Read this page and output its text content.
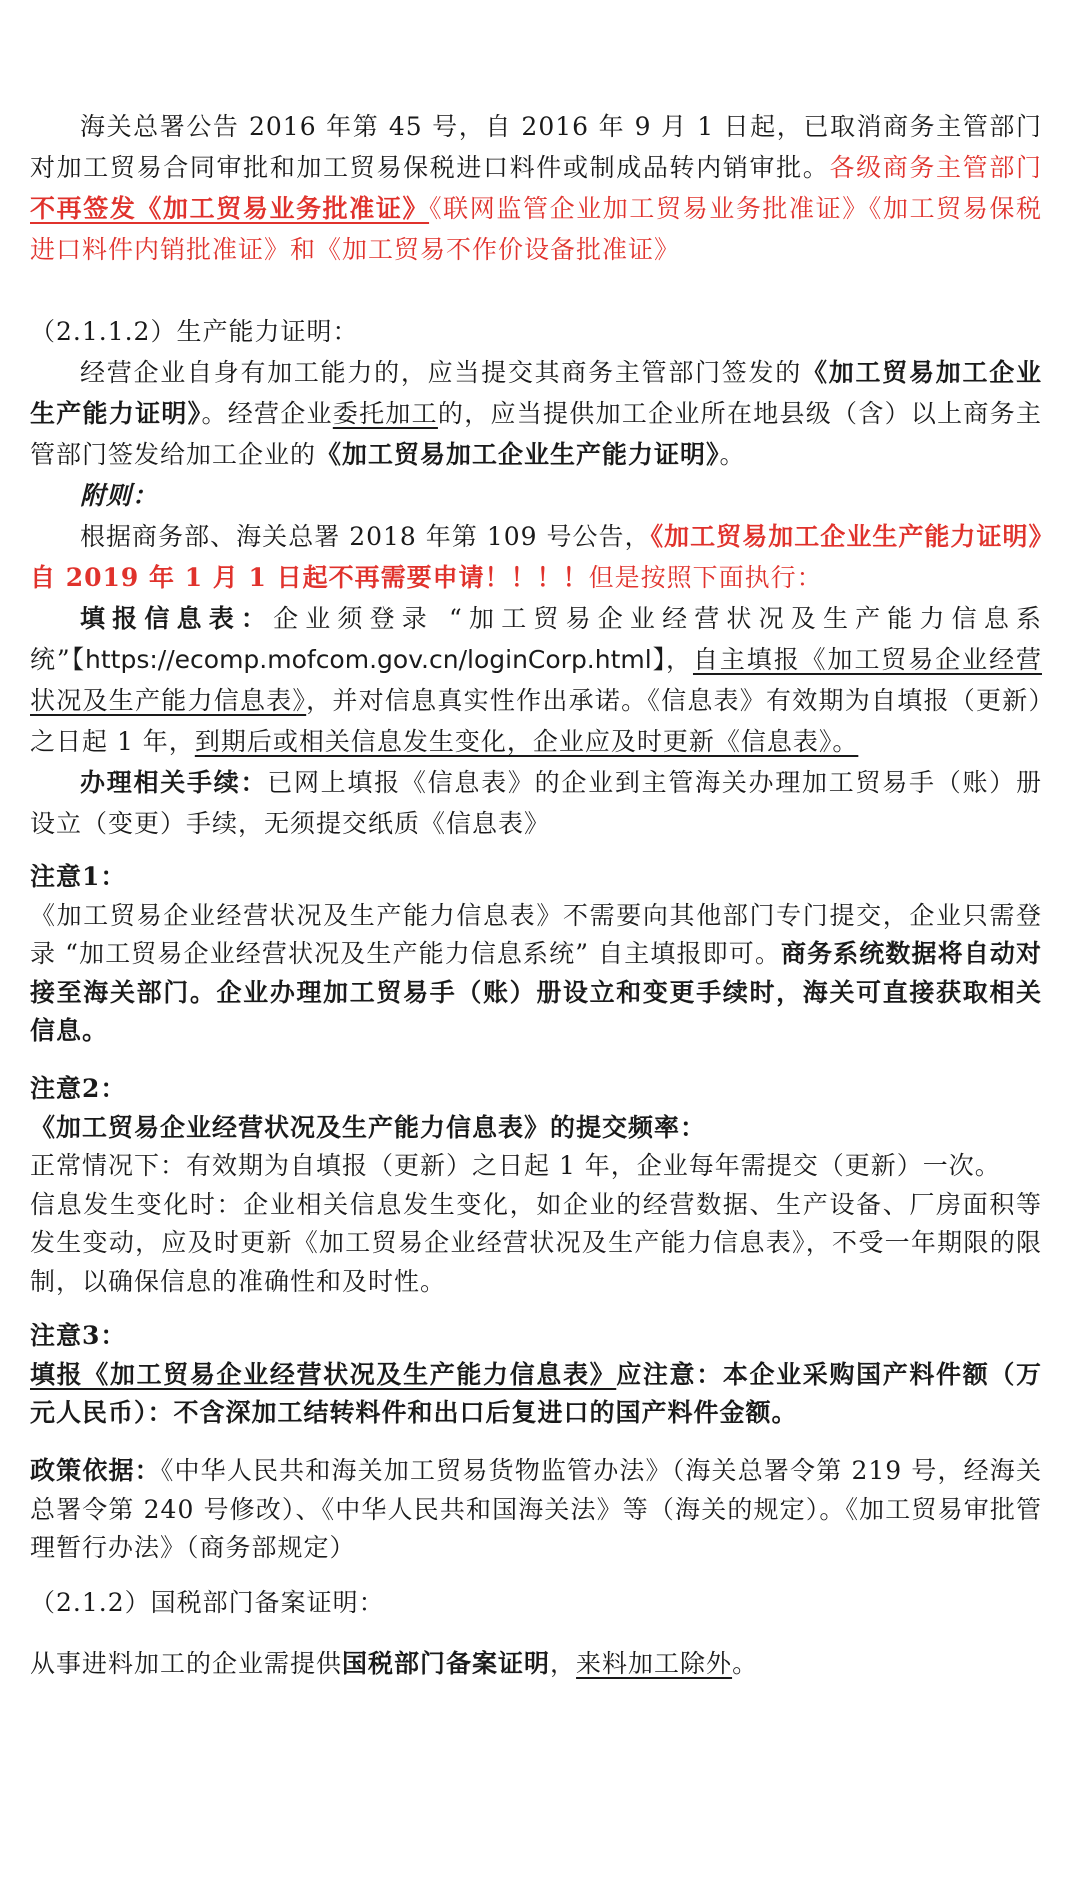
海关总署公告 2016 年第 45 号，自 2016 年 9 月 1 日起，已取消商务主管部门对加工贸易合同审批和加工贸易保税进口料件或制成品转内销审批。各级商务主管部门不再签发《加工贸易业务批准证》《联网监管企业加工贸易业务批准证》《加工贸易保税进口料件内销批准证》和《加工贸易不作价设备批准证》
（2.1.1.2）生产能力证明：
经营企业自身有加工能力的，应当提交其商务主管部门签发的《加工贸易加工企业生产能力证明》。经营企业委托加工的，应当提供加工企业所在地县级（含）以上商务主管部门签发给加工企业的《加工贸易加工企业生产能力证明》。
附则：
根据商务部、海关总署 2018 年第 109 号公告，《加工贸易加工企业生产能力证明》自 2019 年 1 月 1 日起不再需要申请！！！！但是按照下面执行：
填报信息表：企业须登录 “加工贸易企业经营状况及生产能力信息系统”【https://ecomp.mofcom.gov.cn/loginCorp.html】，自主填报《加工贸易企业经营状况及生产能力信息表》，并对信息真实性作出承诺。《信息表》有效期为自填报（更新）之日起 1 年，到期后或相关信息发生变化，企业应及时更新《信息表》。
办理相关手续：已网上填报《信息表》的企业到主管海关办理加工贸易手（账）册设立（变更）手续，无须提交纸质《信息表》
注意1：
《加工贸易企业经营状况及生产能力信息表》不需要向其他部门专门提交，企业只需登录 “加工贸易企业经营状况及生产能力信息系统” 自主填报即可。商务系统数据将自动对接至海关部门。企业办理加工贸易手（账）册设立和变更手续时，海关可直接获取相关信息。
注意2：
《加工贸易企业经营状况及生产能力信息表》的提交频率：
正常情况下：有效期为自填报（更新）之日起 1 年，企业每年需提交（更新）一次。
信息发生变化时：企业相关信息发生变化，如企业的经营数据、生产设备、厂房面积等发生变动，应及时更新《加工贸易企业经营状况及生产能力信息表》，不受一年期限的限制，以确保信息的准确性和及时性。
注意3：
填报《加工贸易企业经营状况及生产能力信息表》应注意：本企业采购国产料件额（万元人民币）：不含深加工结转料件和出口后复进口的国产料件金额。
政策依据：《中华人民共和海关加工贸易货物监管办法》（海关总署令第 219 号，经海关总署令第 240 号修改）、《中华人民共和国海关法》等（海关的规定）。《加工贸易审批管理暂行办法》（商务部规定）
（2.1.2）国税部门备案证明：
从事进料加工的企业需提供国税部门备案证明，来料加工除外。
